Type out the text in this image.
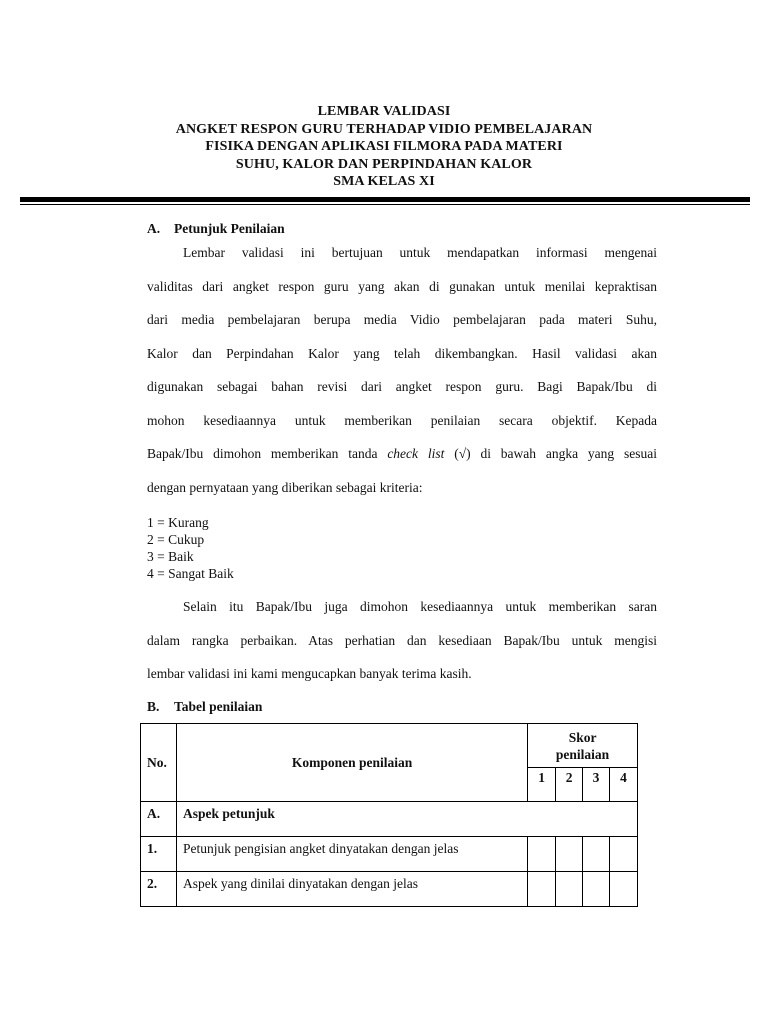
LEMBAR VALIDASI
ANGKET RESPON GURU TERHADAP VIDIO PEMBELAJARAN
FISIKA DENGAN APLIKASI FILMORA PADA MATERI
SUHU, KALOR DAN PERPINDAHAN KALOR
SMA KELAS XI
A. Petunjuk Penilaian
Lembar validasi ini bertujuan untuk mendapatkan informasi mengenai
validitas dari angket respon guru yang akan di gunakan untuk menilai kepraktisan
dari media pembelajaran berupa media Vidio pembelajaran pada materi Suhu,
Kalor dan Perpindahan Kalor yang telah dikembangkan. Hasil validasi akan
digunakan sebagai bahan revisi dari angket respon guru. Bagi Bapak/Ibu di
mohon kesediaannya untuk memberikan penilaian secara objektif. Kepada
Bapak/Ibu dimohon memberikan tanda check list (√) di bawah angka yang sesuai
dengan pernyataan yang diberikan sebagai kriteria:
1 = Kurang
2 = Cukup
3 = Baik
4 = Sangat Baik
Selain itu Bapak/Ibu juga dimohon kesediaannya untuk memberikan saran
dalam rangka perbaikan. Atas perhatian dan kesediaan Bapak/Ibu untuk mengisi
lembar validasi ini kami mengucapkan banyak terima kasih.
B. Tabel penilaian
No.	Komponen penilaian	Skor
penilaian			

		1	2	3	4
A.	Aspek petunjuk				
1.	Petunjuk pengisian angket dinyatakan dengan jelas				
2.	Aspek yang dinilai dinyatakan dengan jelas				
